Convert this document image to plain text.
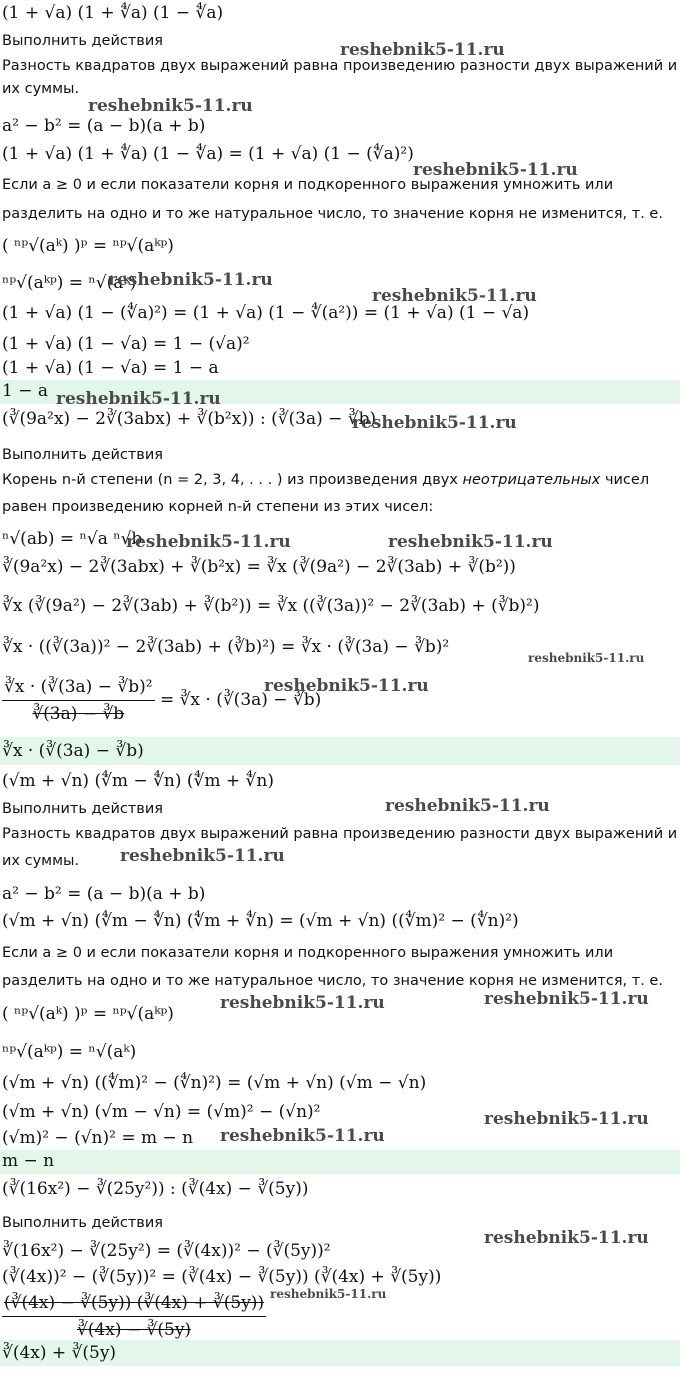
(1 + √a) (1 + ∜a) (1 − ∜a)
Выполнить действия
Разность квадратов двух выражений равна произведению разности двух выражений и
их суммы.
a² − b² = (a − b)(a + b)
(1 + √a) (1 + ∜a) (1 − ∜a) = (1 + √a) (1 − (∜a)²)
Если a ≥ 0 и если показатели корня и подкоренного выражения умножить или
разделить на одно и то же натуральное число, то значение корня не изменится, т. е.
( ⁿᵖ√(aᵏ) )ᵖ = ⁿᵖ√(aᵏᵖ)
ⁿᵖ√(aᵏᵖ) = ⁿ√(aᵏ)
(1 + √a) (1 − (∜a)²) = (1 + √a) (1 − ∜(a²)) = (1 + √a) (1 − √a)
(1 + √a) (1 − √a) = 1 − (√a)²
(1 + √a) (1 − √a) = 1 − a
1 − a
(∛(9a²x) − 2∛(3abx) + ∛(b²x)) : (∛(3a) − ∛b)
Выполнить действия
Корень n-й степени (n = 2, 3, 4, . . . ) из произведения двух неотрицательных чисел
равен произведению корней n-й степени из этих чисел:
ⁿ√(ab) = ⁿ√a ⁿ√b
∛(9a²x) − 2∛(3abx) + ∛(b²x) = ∛x (∛(9a²) − 2∛(3ab) + ∛(b²))
∛x (∛(9a²) − 2∛(3ab) + ∛(b²)) = ∛x ((∛(3a))² − 2∛(3ab) + (∛b)²)
∛x · ((∛(3a))² − 2∛(3ab) + (∛b)²) = ∛x · (∛(3a) − ∛b)²
$\frac{\text{∛x · (∛(3a) − ∛b)²}}{∛(3a) - ∛b}$ = ∛x · (∛(3a) − ∛b)
∛x · (∛(3a) − ∛b)
(√m + √n) (∜m − ∜n) (∜m + ∜n)
Выполнить действия
Разность квадратов двух выражений равна произведению разности двух выражений и
их суммы.
a² − b² = (a − b)(a + b)
(√m + √n) (∜m − ∜n) (∜m + ∜n) = (√m + √n) ((∜m)² − (∜n)²)
Если a ≥ 0 и если показатели корня и подкоренного выражения умножить или
разделить на одно и то же натуральное число, то значение корня не изменится, т. е.
( ⁿᵖ√(aᵏ) )ᵖ = ⁿᵖ√(aᵏᵖ)
ⁿᵖ√(aᵏᵖ) = ⁿ√(aᵏ)
(√m + √n) ((∜m)² − (∜n)²) = (√m + √n) (√m − √n)
(√m + √n) (√m − √n) = (√m)² − (√n)²
(√m)² − (√n)² = m − n
m − n
(∛(16x²) − ∛(25y²)) : (∛(4x) − ∛(5y))
Выполнить действия
∛(16x²) − ∛(25y²) = (∛(4x))² − (∛(5y))²
(∛(4x))² − (∛(5y))² = (∛(4x) − ∛(5y)) (∛(4x) + ∛(5y))
$\frac{(∛(4x) - ∛(5y)) (∛(4x) + ∛(5y))}{∛(4x) - ∛(5y)}$
∛(4x) + ∛(5y)
reshebnik5-11.ru
reshebnik5-11.ru
reshebnik5-11.ru
reshebnik5-11.ru
reshebnik5-11.ru
reshebnik5-11.ru
reshebnik5-11.ru
reshebnik5-11.ru	reshebnik5-11.ru
reshebnik5-11.ru
reshebnik5-11.ru
reshebnik5-11.ru
reshebnik5-11.ru
reshebnik5-11.ru	reshebnik5-11.ru
reshebnik5-11.ru
reshebnik5-11.ru
reshebnik5-11.ru
reshebnik5-11.ru
